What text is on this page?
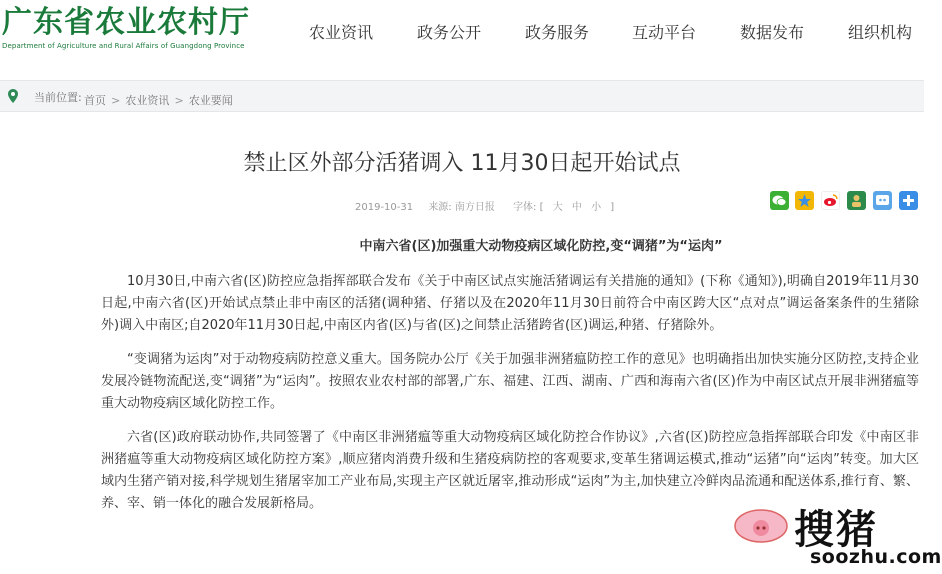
广东省农业农村厅
Department of Agriculture and Rural Affairs of Guangdong Province
农业资讯	政务公开	政务服务	互动平台	数据发布	组织机构
当前位置: 首页 > 农业资讯 > 农业要闻
禁止区外部分活猪调入 11月30日起开始试点
2019-10-31 来源: 南方日报 字体: [ 大 中 小 ]
中南六省(区)加强重大动物疫病区域化防控,变“调猪”为“运肉”

10月30日,中南六省(区)防控应急指挥部联合发布《关于中南区试点实施活猪调运有关措施的通知》(下称《通知》),明确自2019年11月30日起,中南六省(区)开始试点禁止非中南区的活猪(调种猪、仔猪以及在2020年11月30日前符合中南区跨大区“点对点”调运备案条件的生猪除外)调入中南区;自2020年11月30日起,中南区内省(区)与省(区)之间禁止活猪跨省(区)调运,种猪、仔猪除外。

“变调猪为运肉”对于动物疫病防控意义重大。国务院办公厅《关于加强非洲猪瘟防控工作的意见》也明确指出加快实施分区防控,支持企业发展冷链物流配送,变“调猪”为“运肉”。按照农业农村部的部署,广东、福建、江西、湖南、广西和海南六省(区)作为中南区试点开展非洲猪瘟等重大动物疫病区域化防控工作。

六省(区)政府联动协作,共同签署了《中南区非洲猪瘟等重大动物疫病区域化防控合作协议》,六省(区)防控应急指挥部联合印发《中南区非洲猪瘟等重大动物疫病区域化防控方案》,顺应猪肉消费升级和生猪疫病防控的客观要求,变革生猪调运模式,推动“运猪”向“运肉”转变。加大区域内生猪产销对接,科学规划生猪屠宰加工产业布局,实现主产区就近屠宰,推动形成“运肉”为主,加快建立冷鲜肉品流通和配送体系,推行育、繁、养、宰、销一体化的融合发展新格局。

搜猪
soozhu.com
